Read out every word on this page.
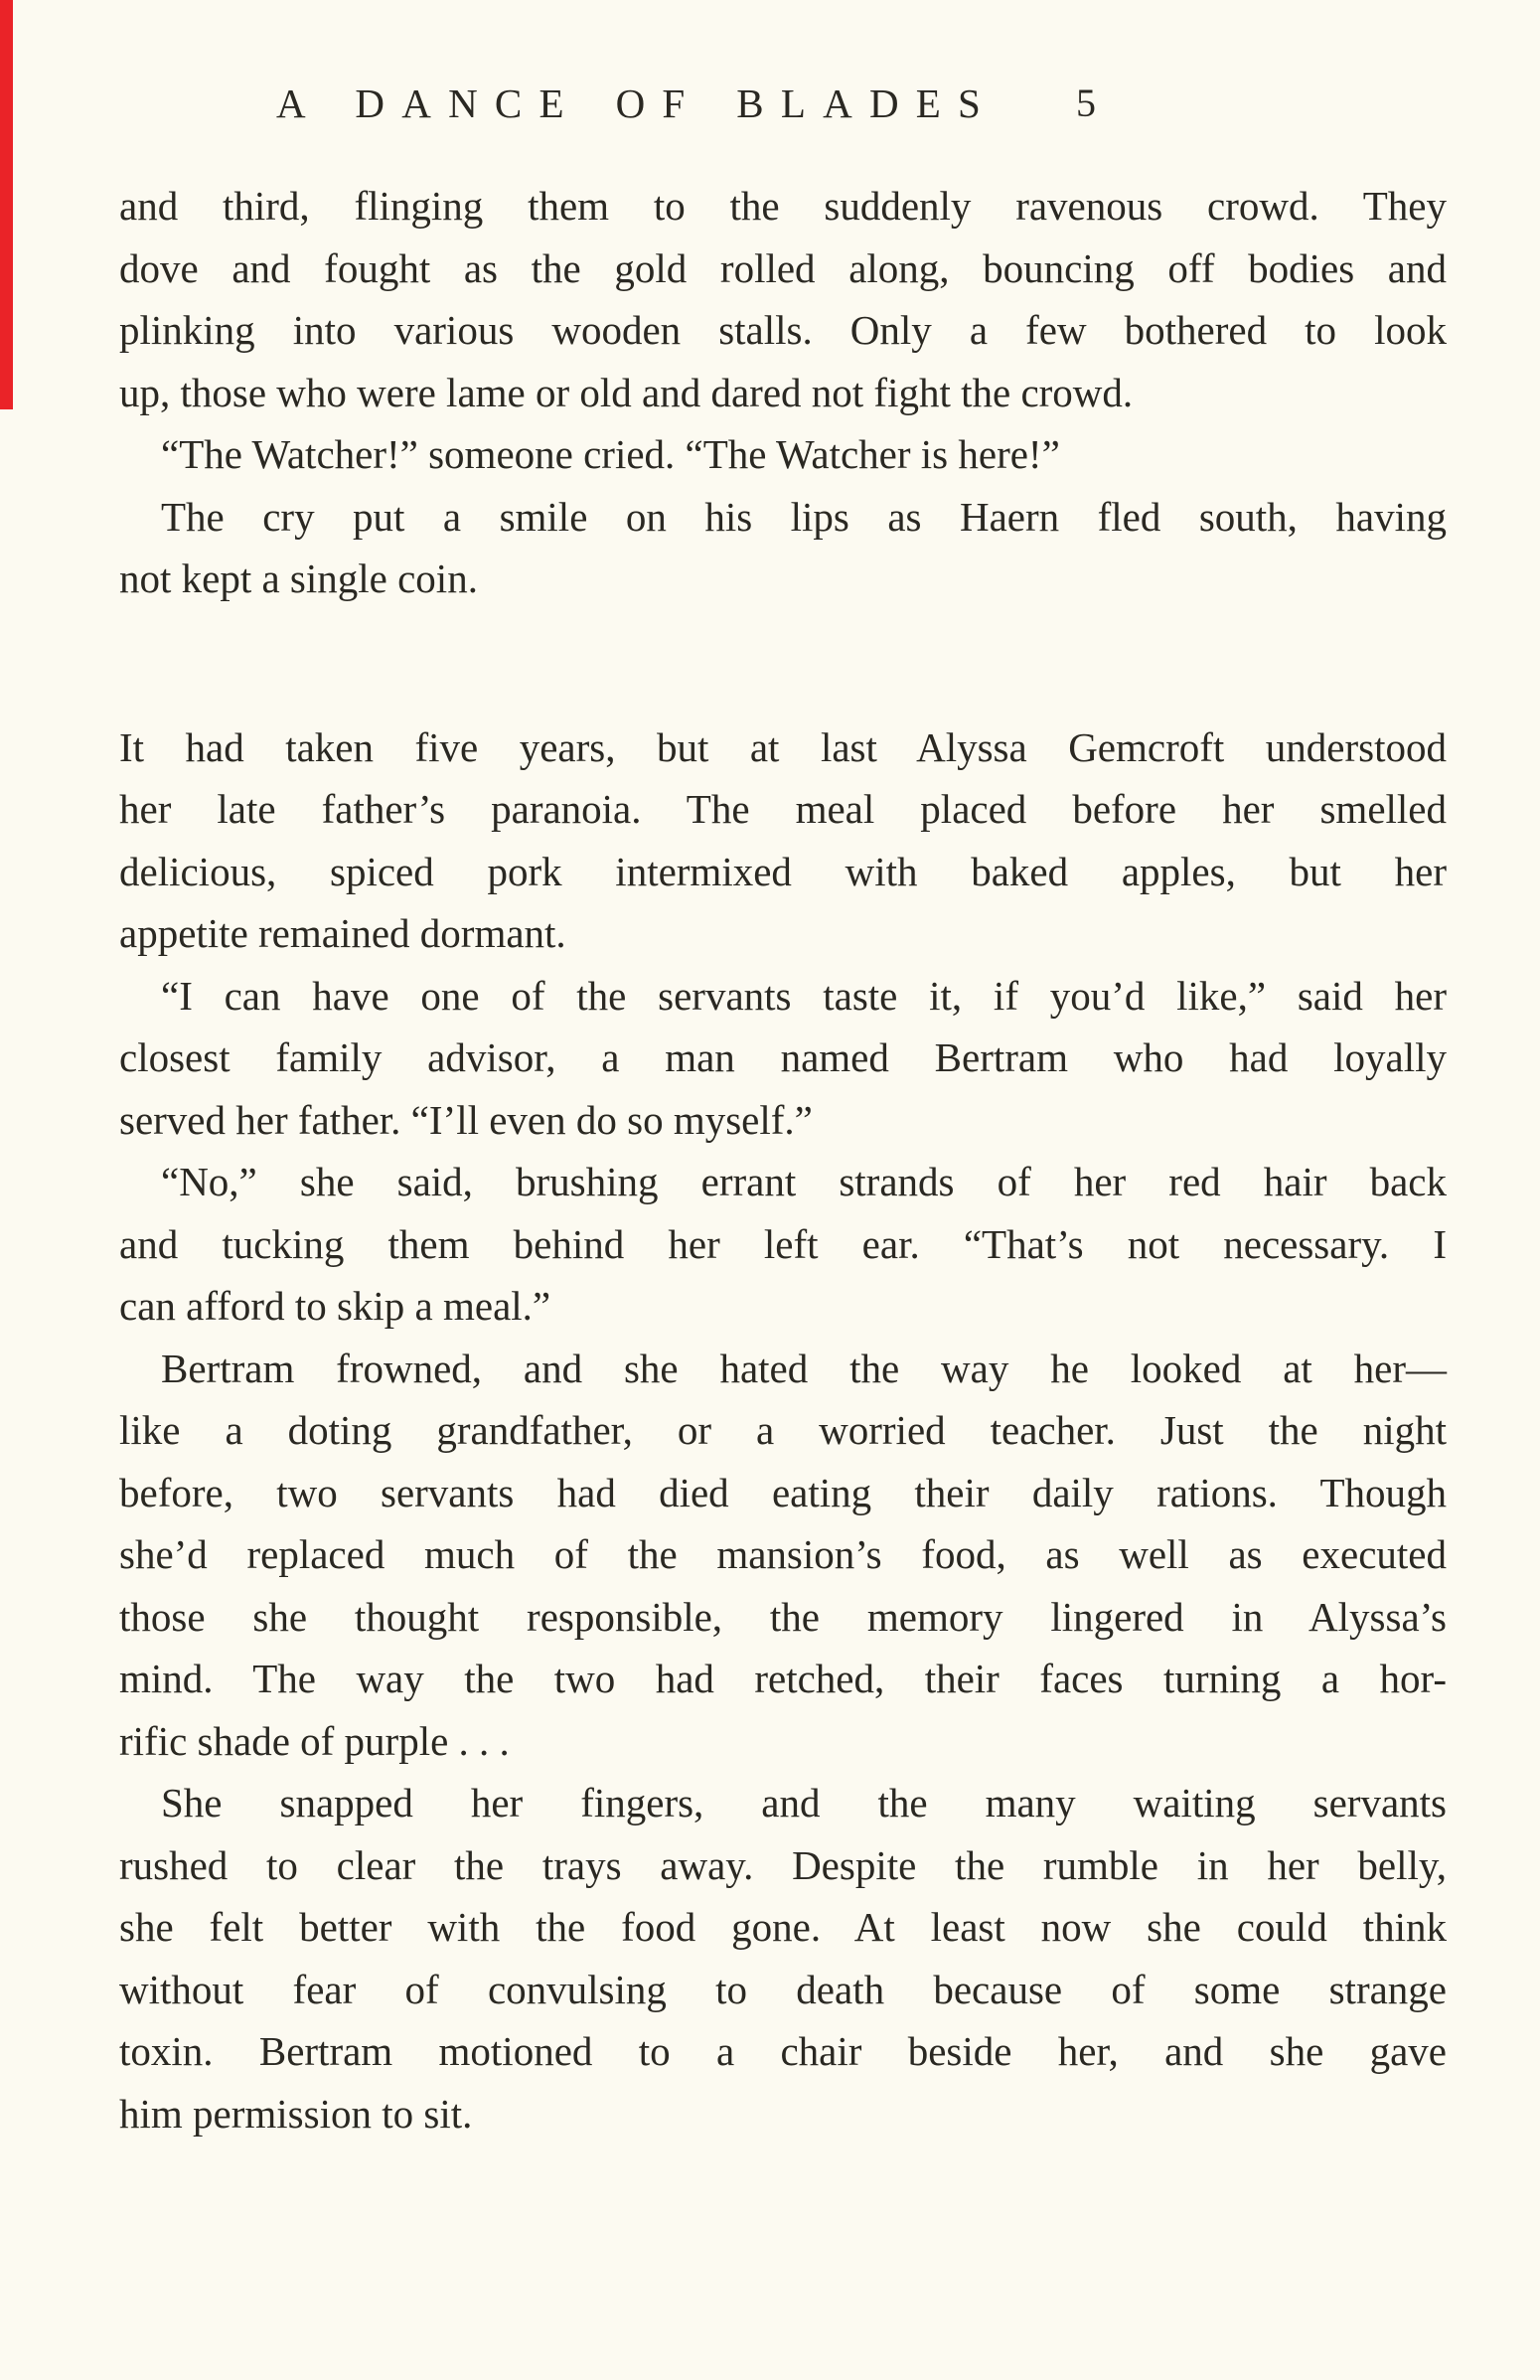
A DANCE OF BLADES 5
and third, flinging them to the suddenly ravenous crowd. They
dove and fought as the gold rolled along, bouncing off bodies and
plinking into various wooden stalls. Only a few bothered to look
up, those who were lame or old and dared not fight the crowd.
“The Watcher!” someone cried. “The Watcher is here!”
The cry put a smile on his lips as Haern fled south, having
not kept a single coin.
It had taken five years, but at last Alyssa Gemcroft understood
her late father’s paranoia. The meal placed before her smelled
delicious, spiced pork intermixed with baked apples, but her
appetite remained dormant.
“I can have one of the servants taste it, if you’d like,” said her
closest family advisor, a man named Bertram who had loyally
served her father. “I’ll even do so myself.”
“No,” she said, brushing errant strands of her red hair back
and tucking them behind her left ear. “That’s not necessary. I
can afford to skip a meal.”
Bertram frowned, and she hated the way he looked at her—
like a doting grandfather, or a worried teacher. Just the night
before, two servants had died eating their daily rations. Though
she’d replaced much of the mansion’s food, as well as executed
those she thought responsible, the memory lingered in Alyssa’s
mind. The way the two had retched, their faces turning a hor-
rific shade of purple . . .
She snapped her fingers, and the many waiting servants
rushed to clear the trays away. Despite the rumble in her belly,
she felt better with the food gone. At least now she could think
without fear of convulsing to death because of some strange
toxin. Bertram motioned to a chair beside her, and she gave
him permission to sit.
